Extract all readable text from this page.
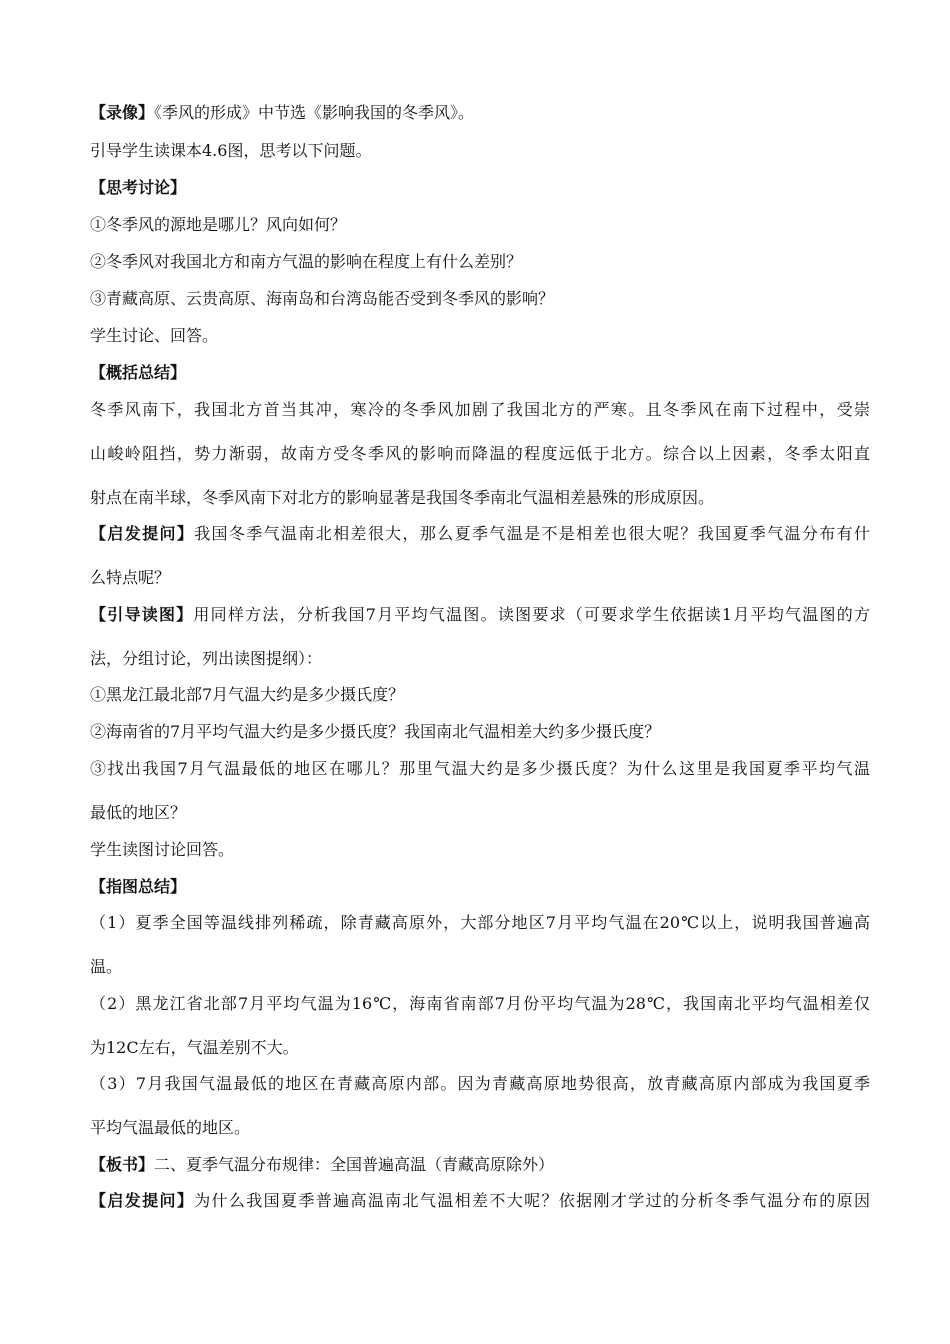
【录像】《季风的形成》中节选《影响我国的冬季风》。
引导学生读课本4.6图，思考以下问题。
【思考讨论】
①冬季风的源地是哪儿？风向如何？
②冬季风对我国北方和南方气温的影响在程度上有什么差别？
③青藏高原、云贵高原、海南岛和台湾岛能否受到冬季风的影响？
学生讨论、回答。
【概括总结】
冬季风南下，我国北方首当其冲，寒冷的冬季风加剧了我国北方的严寒。且冬季风在南下过程中，受崇
山峻岭阻挡，势力渐弱，故南方受冬季风的影响而降温的程度远低于北方。综合以上因素，冬季太阳直
射点在南半球，冬季风南下对北方的影响显著是我国冬季南北气温相差悬殊的形成原因。
【启发提问】我国冬季气温南北相差很大，那么夏季气温是不是相差也很大呢？我国夏季气温分布有什
么特点呢？
【引导读图】用同样方法，分析我国7月平均气温图。读图要求（可要求学生依据读1月平均气温图的方
法，分组讨论，列出读图提纲）：
①黑龙江最北部7月气温大约是多少摄氏度？
②海南省的7月平均气温大约是多少摄氏度？我国南北气温相差大约多少摄氏度？
③找出我国7月气温最低的地区在哪儿？那里气温大约是多少摄氏度？为什么这里是我国夏季平均气温
最低的地区？
学生读图讨论回答。
【指图总结】
（1）夏季全国等温线排列稀疏，除青藏高原外，大部分地区7月平均气温在20℃以上，说明我国普遍高
温。
（2）黑龙江省北部7月平均气温为16℃，海南省南部7月份平均气温为28℃，我国南北平均气温相差仅
为12C左右，气温差别不大。
（3）7月我国气温最低的地区在青藏高原内部。因为青藏高原地势很高，放青藏高原内部成为我国夏季
平均气温最低的地区。
【板书】二、夏季气温分布规律：全国普遍高温（青藏高原除外）
【启发提问】为什么我国夏季普遍高温南北气温相差不大呢？依据刚才学过的分析冬季气温分布的原因
